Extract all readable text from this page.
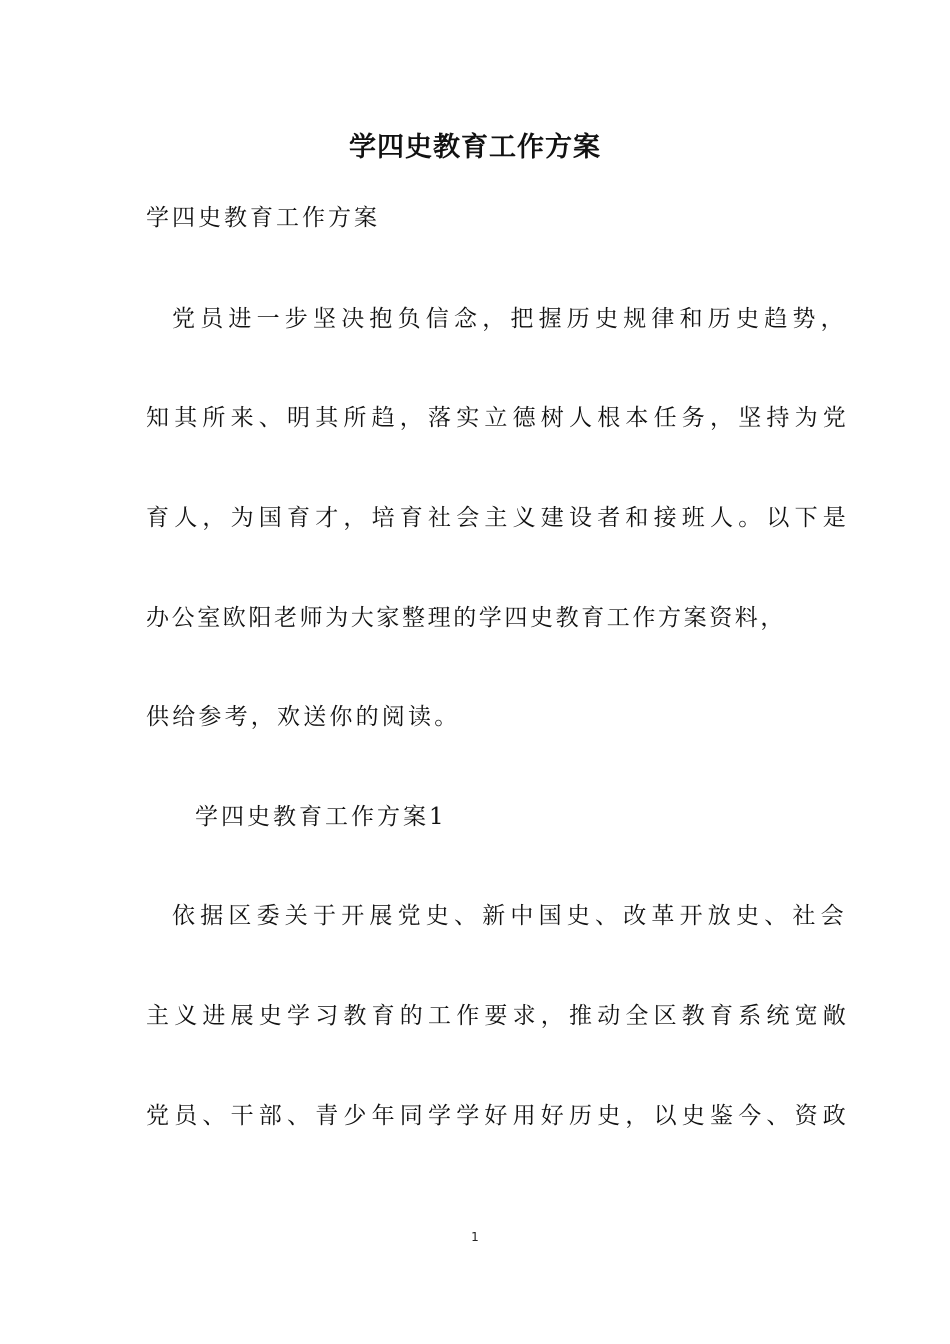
学四史教育工作方案
学四史教育工作方案
党员进一步坚决抱负信念，把握历史规律和历史趋势，
知其所来、明其所趋，落实立德树人根本任务，坚持为党
育人，为国育才，培育社会主义建设者和接班人。以下是
办公室欧阳老师为大家整理的学四史教育工作方案资料，
供给参考，欢送你的阅读。
学四史教育工作方案1
依据区委关于开展党史、新中国史、改革开放史、社会
主义进展史学习教育的工作要求，推动全区教育系统宽敞
党员、干部、青少年同学学好用好历史，以史鉴今、资政
1
